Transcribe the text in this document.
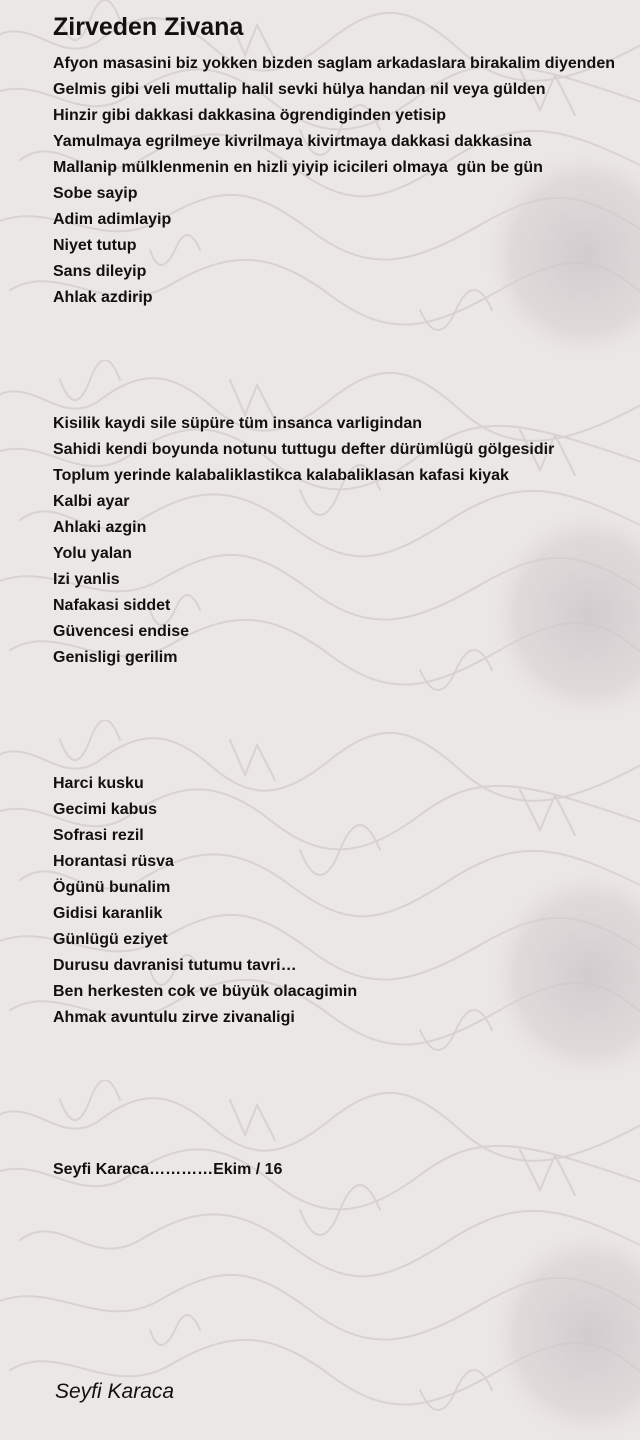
Zirveden Zivana
Afyon masasini biz yokken bizden saglam arkadaslara birakalim diyenden
Gelmis gibi veli muttalip halil sevki hülya handan nil veya gülden
Hinzir gibi dakkasi dakkasina ögrendiginden yetisip
Yamulmaya egrilmeye kivrilmaya kivirtmaya dakkasi dakkasina
Mallanip mülklenmenin en hizli yiyip icicileri olmaya  gün be gün
Sobe sayip
Adim adimlayip
Niyet tutup
Sans dileyip
Ahlak azdirip
Kisilik kaydi sile süpüre tüm insanca varligindan
Sahidi kendi boyunda notunu tuttugu defter dürümlügü gölgesidir
Toplum yerinde kalabaliklastikca kalabaliklasan kafasi kiyak
Kalbi ayar
Ahlaki azgin
Yolu yalan
Izi yanlis
Nafakasi siddet
Güvencesi endise
Genisligi gerilim
Harci kusku
Gecimi kabus
Sofrasi rezil
Horantasi rüsva
Ögünü bunalim
Gidisi karanlik
Günlügü eziyet
Durusu davranisi tutumu tavri…
Ben herkesten cok ve büyük olacagimin
Ahmak avuntulu zirve zivanaligi
Seyfi Karaca…………Ekim / 16
Seyfi Karaca
